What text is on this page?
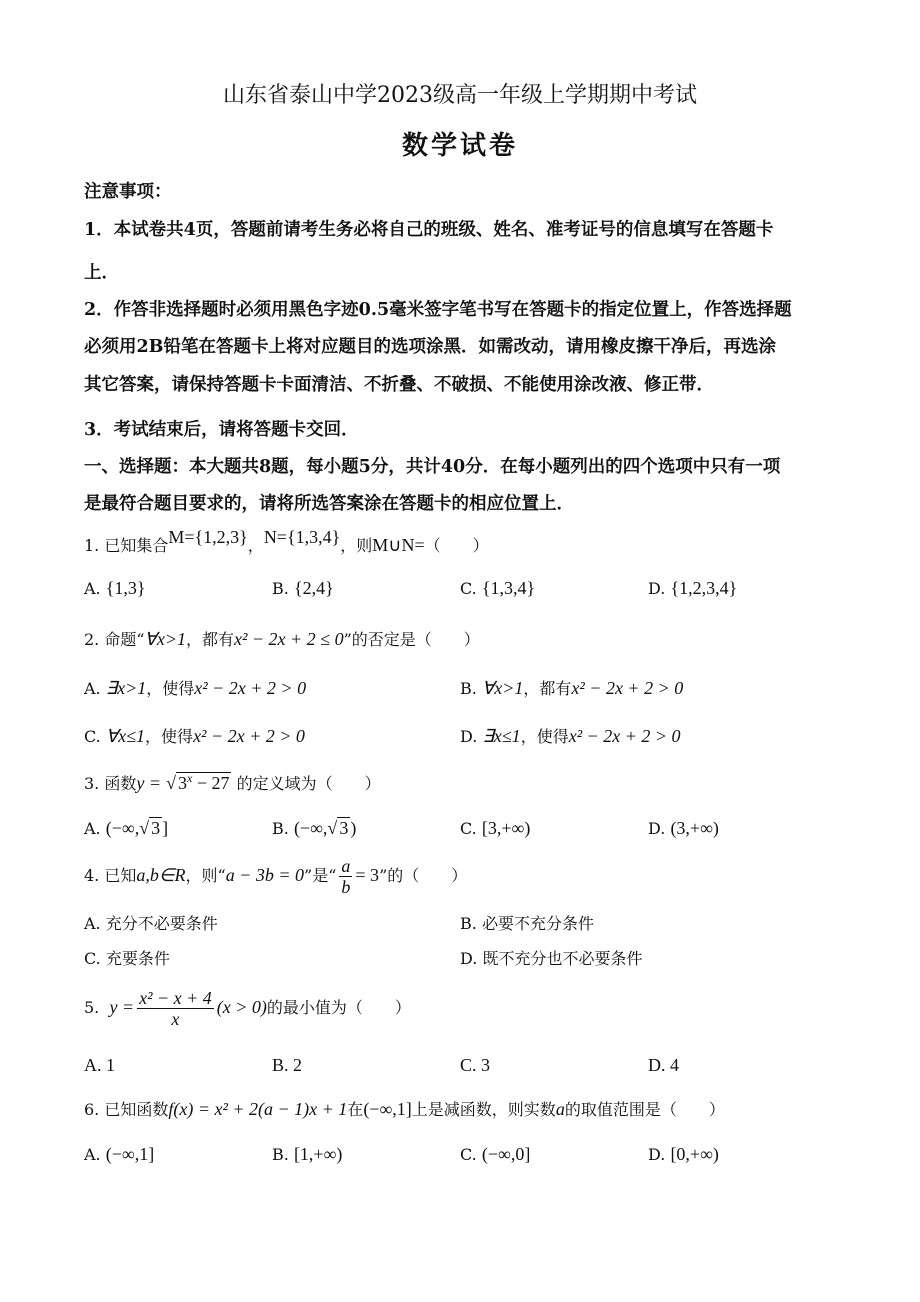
山东省泰山中学2023级高一年级上学期期中考试
数学试卷
注意事项：
1．本试卷共4页，答题前请考生务必将自己的班级、姓名、准考证号的信息填写在答题卡
上．
2．作答非选择题时必须用黑色字迹0.5毫米签字笔书写在答题卡的指定位置上，作答选择题
必须用2B铅笔在答题卡上将对应题目的选项涂黑．如需改动，请用橡皮擦干净后，再选涂
其它答案，请保持答题卡卡面清洁、不折叠、不破损、不能使用涂改液、修正带．
3．考试结束后，请将答题卡交回．
一、选择题：本大题共8题，每小题5分，共计40分．在每小题列出的四个选项中只有一项
是最符合题目要求的，请将所选答案涂在答题卡的相应位置上．
1. 已知集合M={1,2,3}，N={1,3,4}，则M∪N=（　　）
A. {1,3}	B. {2,4}	C. {1,3,4}	D. {1,2,3,4}
2. 命题“∀x>1，都有x² − 2x + 2 ≤ 0”的否定是（　　）
A. ∃x>1，使得x² − 2x + 2 > 0	B. ∀x>1，都有x² − 2x + 2 > 0
C. ∀x≤1，使得x² − 2x + 2 > 0	D. ∃x≤1，使得x² − 2x + 2 > 0
3. 函数y = √ $3^x - 27$ 的定义域为（　　）
A. (−∞,√ 3 ]	B. (−∞,√ 3 )	C. [3,+∞)	D. (3,+∞)
4. 已知a,b∈R，则“a − 3b = 0”是“ $\frac{a}{b} = 3$”的（　　）
A. 充分不必要条件	B. 必要不充分条件
C. 充要条件	D. 既不充分也不必要条件
5. $y = \frac{\text{x² − x + 4}}{x} (x > 0)$的最小值为（　　）
A. 1	B. 2	C. 3	D. 4
6. 已知函数f(x) = x² + 2(a − 1)x + 1在(−∞,1]上是减函数，则实数a的取值范围是（　　）
A. (−∞,1]	B. [1,+∞)	C. (−∞,0]	D. [0,+∞)
